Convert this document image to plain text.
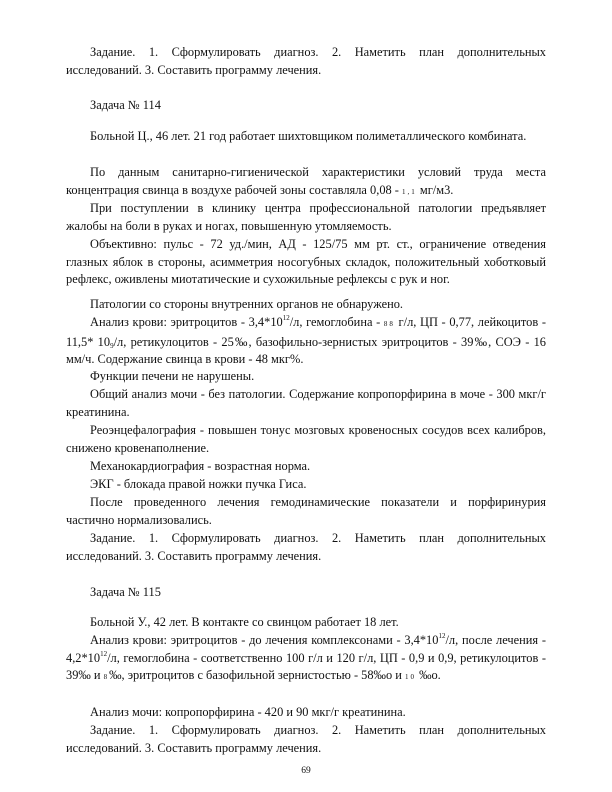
Задание. 1. Сформулировать диагноз. 2. Наметить план дополнительных исследований. 3. Составить программу лечения.

Задача № 114

Больной Ц., 46 лет. 21 год работает шихтовщиком полиметаллического комбината.

По данным санитарно-гигиенической характеристики условий труда места концентрация свинца в воздухе рабочей зоны составляла 0,08 - 1,1 мг/м3.

При поступлении в клинику центра профессиональной патологии предъявляет жалобы на боли в руках и ногах, повышенную утомляемость.

Объективно: пульс - 72 уд./мин, АД - 125/75 мм рт. ст., ограничение отведения глазных яблок в стороны, асимметрия носогубных складок, положительный хоботковый рефлекс, оживлены миотатические и сухожильные рефлексы с рук и ног.

Патологии со стороны внутренних органов не обнаружено.

Анализ крови: эритроцитов - $3,4*10^{12}/л$, гемоглобина - 88 г/л, ЦП - 0,77, лейкоцитов - 11,5* $10_9/л$, ретикулоцитов - 25‰, базофильно-зернистых эритроцитов - 39‰, СОЭ - 16 мм/ч. Содержание свинца в крови - 48 мкг%.

Функции печени не нарушены.

Общий анализ мочи - без патологии. Содержание копропорфирина в моче - 300 мкг/г креатинина.

Реоэнцефалография - повышен тонус мозговых кровеносных сосудов всех калибров, снижено кровенаполнение.

Механокардиография - возрастная норма.

ЭКГ - блокада правой ножки пучка Гиса.

После проведенного лечения гемодинамические показатели и порфиринурия частично нормализовались.

Задание. 1. Сформулировать диагноз. 2. Наметить план дополнительных исследований. 3. Составить программу лечения.

Задача № 115

Больной У., 42 лет. В контакте со свинцом работает 18 лет.

Анализ крови: эритроцитов - до лечения комплексонами - $3,4*10^{12}/л$, после лечения - $4,2*10^{12}/л$, гемоглобина - соответственно 100 г/л и 120 г/л, ЦП - 0,9 и 0,9, ретикулоцитов - 39‰ и 8‰, эритроцитов с базофильной зернистостью - 58‰о и 10 ‰о.

Анализ мочи: копропорфирина - 420 и 90 мкг/г креатинина.

Задание. 1. Сформулировать диагноз. 2. Наметить план дополнительных исследований. 3. Составить программу лечения.

69
